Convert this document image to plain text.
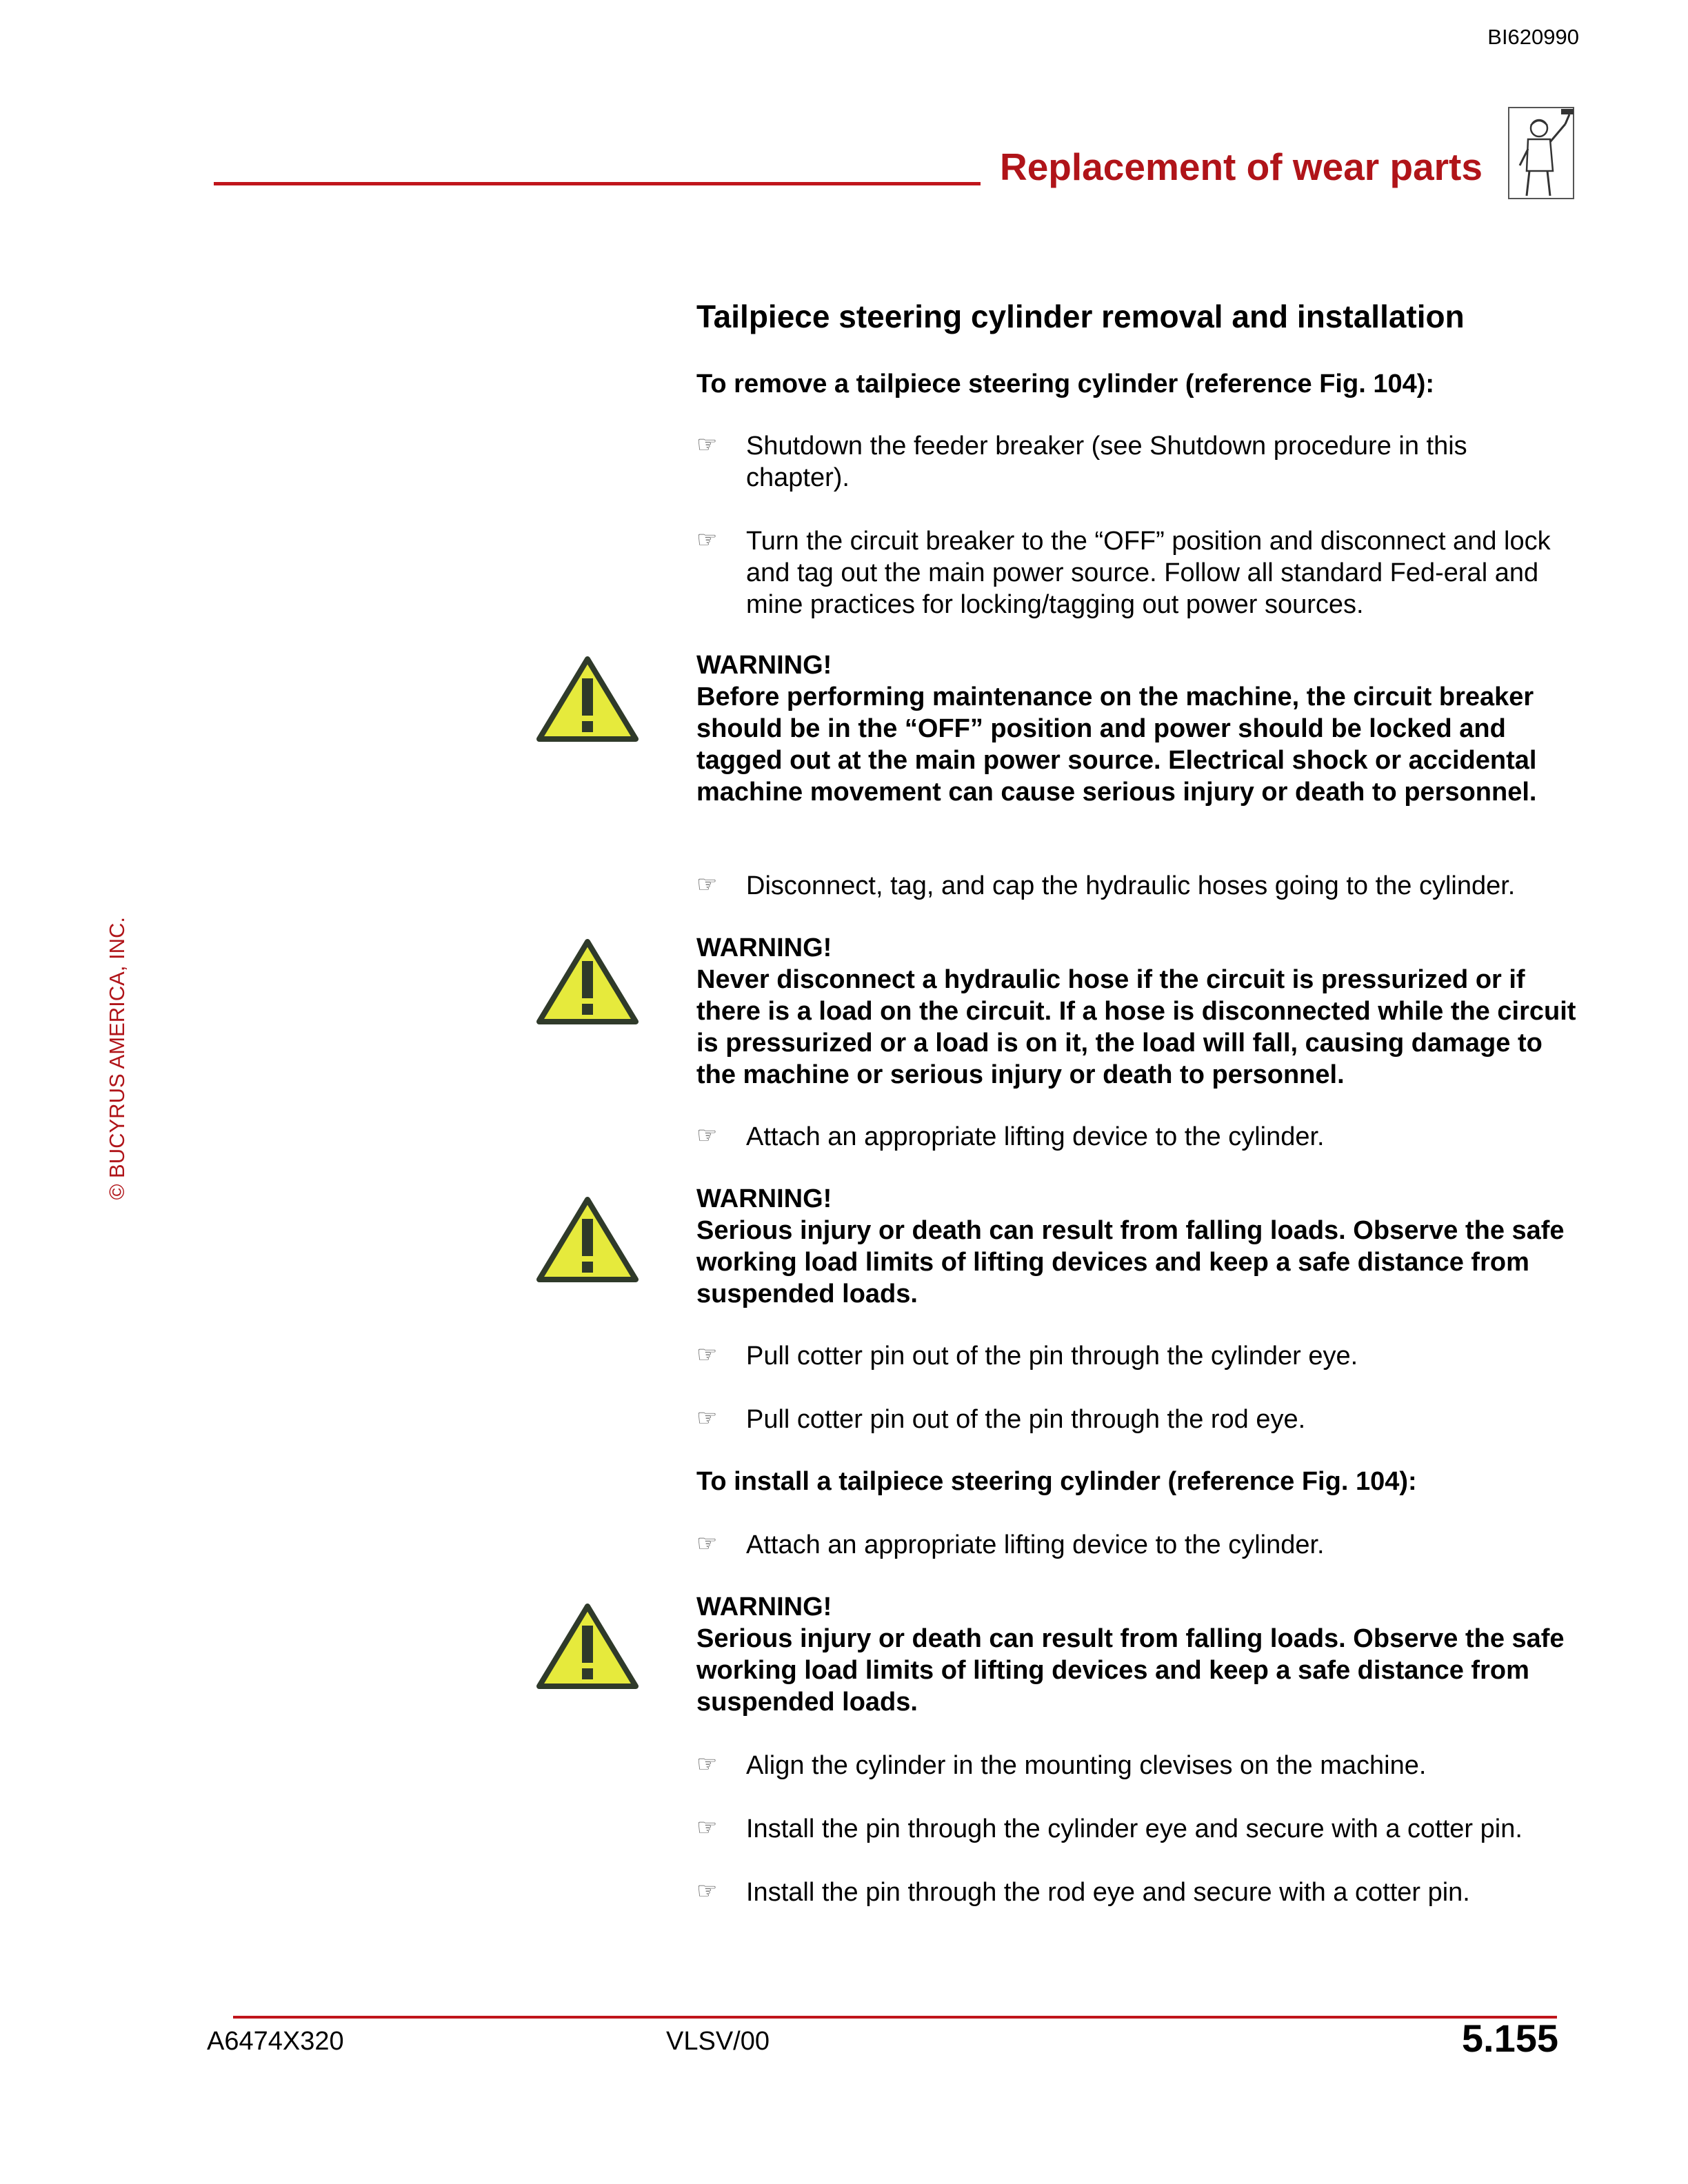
BI620990
Replacement of wear parts
© BUCYRUS AMERICA, INC.
Tailpiece steering cylinder removal and installation
To remove a tailpiece steering cylinder (reference Fig. 104):
☞	Shutdown the feeder breaker (see Shutdown procedure in this chapter).
☞	Turn the circuit breaker to the “OFF” position and disconnect and lock and tag out the main power source. Follow all standard Fed-eral and mine practices for locking/tagging out power sources.
WARNING!
Before performing maintenance on the machine, the circuit breaker should be in the “OFF” position and power should be locked and tagged out at the main power source. Electrical shock or accidental machine movement can cause serious injury or death to personnel.
☞	Disconnect, tag, and cap the hydraulic hoses going to the cylinder.
WARNING!
Never disconnect a hydraulic hose if the circuit is pressurized or if there is a load on the circuit. If a hose is disconnected while the circuit is pressurized or a load is on it, the load will fall, causing damage to the machine or serious injury or death to personnel.
☞	Attach an appropriate lifting device to the cylinder.
WARNING!
Serious injury or death can result from falling loads. Observe the safe working load limits of lifting devices and keep a safe distance from suspended loads.
☞	Pull cotter pin out of the pin through the cylinder eye.
☞	Pull cotter pin out of the pin through the rod eye.
To install a tailpiece steering cylinder (reference Fig. 104):
☞	Attach an appropriate lifting device to the cylinder.
WARNING!
Serious injury or death can result from falling loads. Observe the safe working load limits of lifting devices and keep a safe distance from suspended loads.
☞	Align the cylinder in the mounting clevises on the machine.
☞	Install the pin through the cylinder eye and secure with a cotter pin.
☞	Install the pin through the rod eye and secure with a cotter pin.
A6474X320	VLSV/00	5.155
